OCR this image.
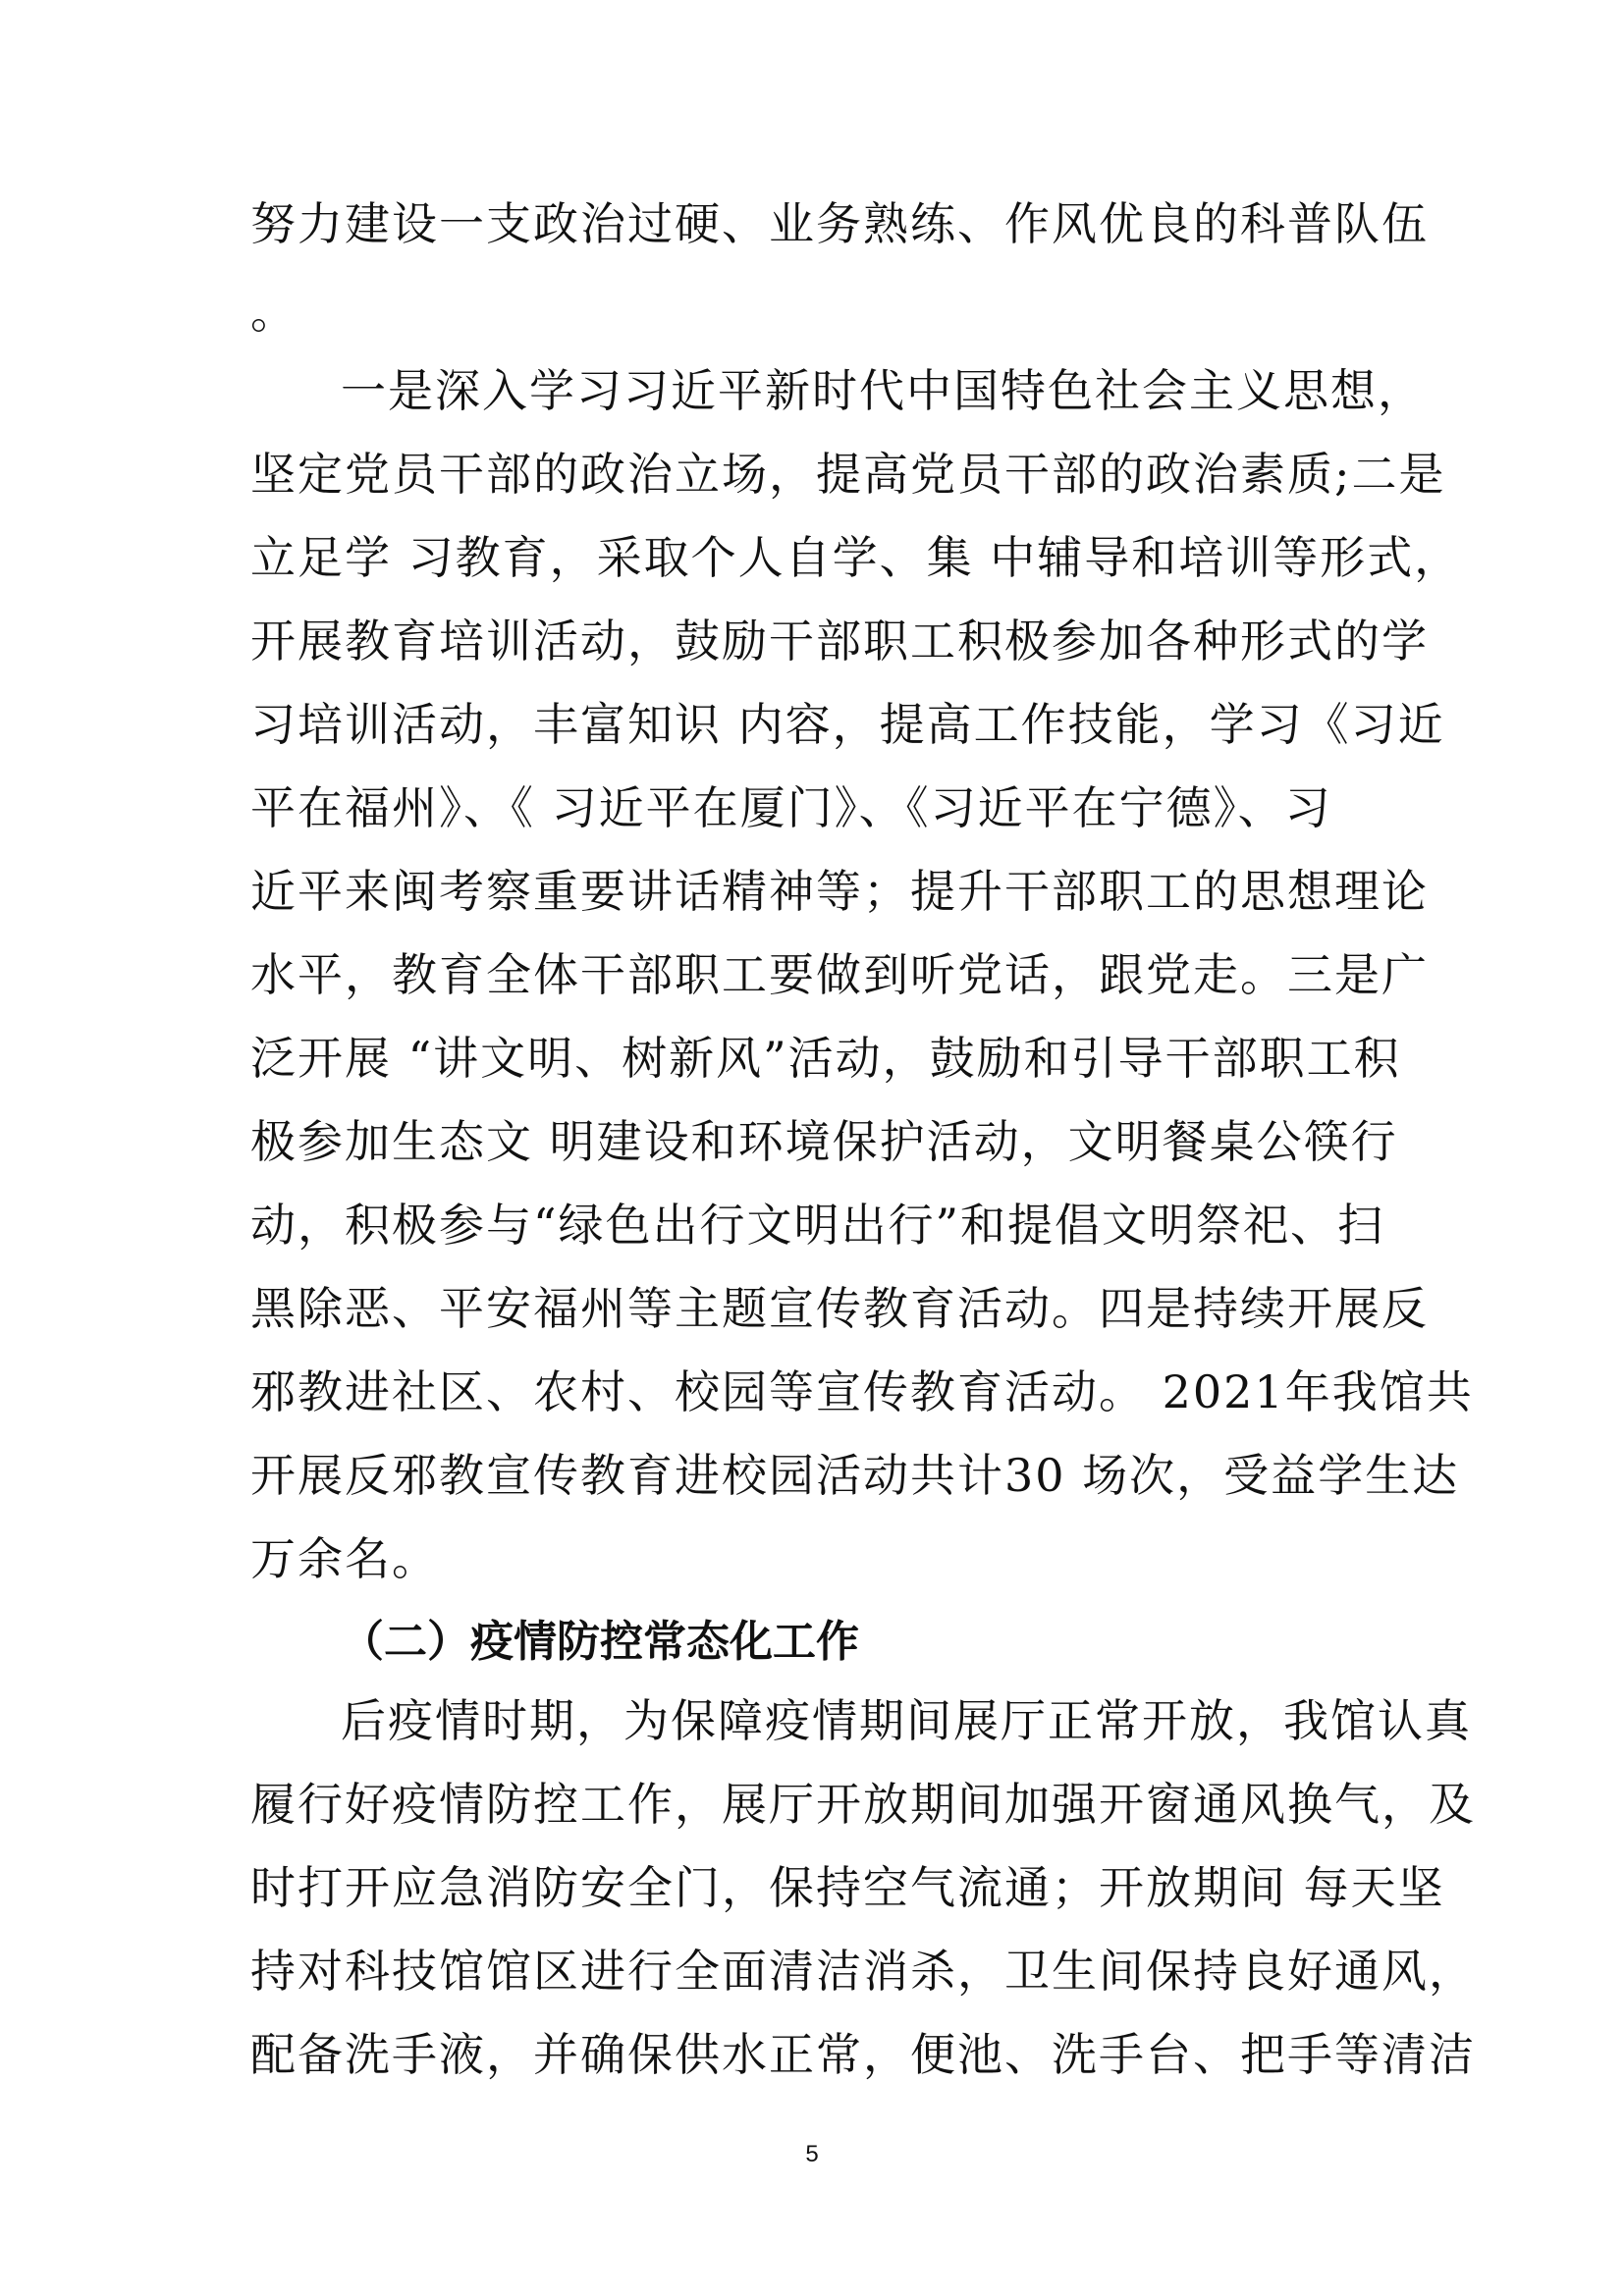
努力建设一支政治过硬、业务熟练、作风优良的科普队伍
。
一是深入学习习近平新时代中国特色社会主义思想，
坚定党员干部的政治立场，提高党员干部的政治素质;二是
立足学 习教育，采取个人自学、集 中辅导和培训等形式，
开展教育培训活动，鼓励干部职工积极参加各种形式的学
习培训活动，丰富知识 内容，提高工作技能，学习《习近
平在福州》、《 习近平在厦门》、《习近平在宁德》、习
近平来闽考察重要讲话精神等；提升干部职工的思想理论
水平，教育全体干部职工要做到听党话，跟党走。三是广
泛开展 “讲文明、树新风”活动，鼓励和引导干部职工积
极参加生态文 明建设和环境保护活动，文明餐桌公筷行
动，积极参与“绿色出行文明出行”和提倡文明祭祀、扫
黑除恶、平安福州等主题宣传教育活动。四是持续开展反
邪教进社区、农村、校园等宣传教育活动。 2021年我馆共
开展反邪教宣传教育进校园活动共计30 场次，受益学生达
万余名。
（二）疫情防控常态化工作
后疫情时期，为保障疫情期间展厅正常开放，我馆认真
履行好疫情防控工作，展厅开放期间加强开窗通风换气，及
时打开应急消防安全门，保持空气流通；开放期间 每天坚
持对科技馆馆区进行全面清洁消杀，卫生间保持良好通风，
配备洗手液，并确保供水正常，便池、洗手台、把手等清洁
5
